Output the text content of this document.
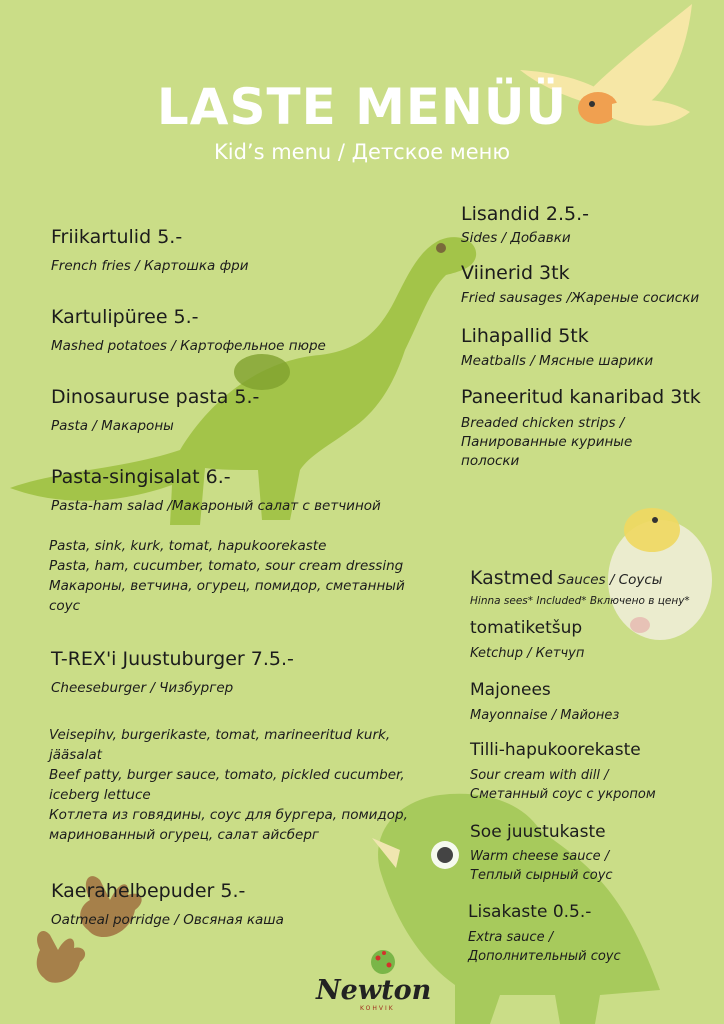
LASTE MENÜÜ
Kid’s menu / Детское меню
Friikartulid 5.-
French fries / Картошка фри
Kartulipüree 5.-
Mashed potatoes / Картофельное пюре
Dinosauruse pasta 5.-
Pasta / Макароны
Pasta-singisalat 6.-
Pasta-ham salad /Макароный салат с ветчиной
Pasta, sink, kurk, tomat, hapukoorekaste
Pasta, ham, cucumber, tomato, sour cream dressing
Макароны, ветчина, огурец, помидор, сметанный
соус
T-REX'i Juustuburger 7.5.-
Cheeseburger / Чизбургер
Veisepihv, burgerikaste, tomat, marineeritud kurk,
jääsalat
Beef patty, burger sauce, tomato, pickled cucumber,
iceberg lettuce
Котлета из говядины, соус для бургера, помидор,
маринованный огурец, салат айсберг
Kaerahelbepuder 5.-
Oatmeal porridge / Овсяная каша
Lisandid 2.5.-
Sides / Добавки
Viinerid 3tk
Fried sausages /Жареные сосиски
Lihapallid 5tk
Meatballs / Мясные шарики
Paneeritud kanaribad 3tk
Breaded chicken strips /
Панированные куриные
полоски
Kastmed Sauces / Соусы
Hinna sees* Included* Включено в цену*
tomatiketšup
Ketchup / Кетчуп
Majonees
Mayonnaise / Майонез
Tilli-hapukoorekaste
Sour cream with dill /
Сметанный соус с укропом
Soe juustukaste
Warm cheese sauce /
Теплый сырный соус
Lisakaste 0.5.-
Extra sauce /
Дополнительный соус
Newton
KOHVIK
